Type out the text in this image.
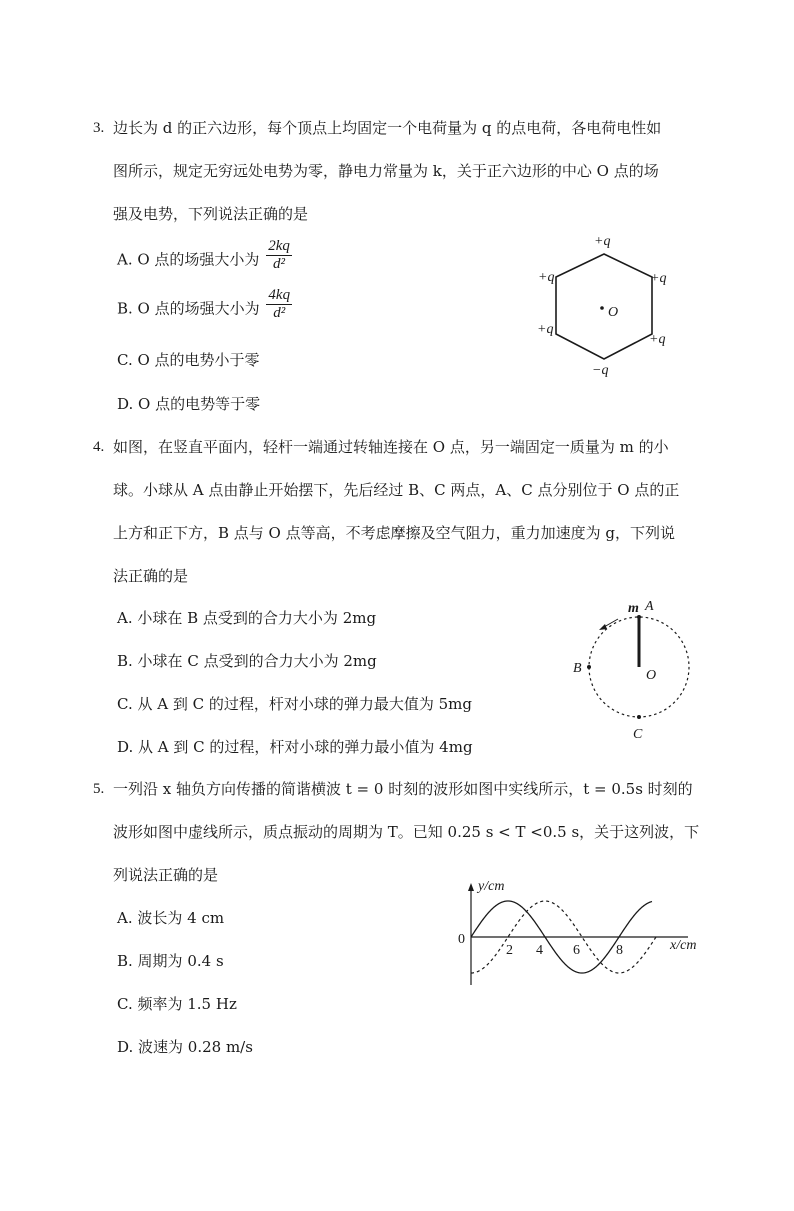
3. 边长为 d 的正六边形，每个顶点上均固定一个电荷量为 q 的点电荷，各电荷电性如
图所示，规定无穷远处电势为零，静电力常量为 k，关于正六边形的中心 O 点的场
强及电势，下列说法正确的是
A. O 点的场强大小为 $\frac{2kq}{\text{d²}}$
B. O 点的场强大小为 $\frac{4kq}{\text{d²}}$
C. O 点的电势小于零
D. O 点的电势等于零
+q
+q	+q
+q
+q
−q
O
4. 如图，在竖直平面内，轻杆一端通过转轴连接在 O 点，另一端固定一质量为 m 的小
球。小球从 A 点由静止开始摆下，先后经过 B、C 两点，A、C 点分别位于 O 点的正
上方和正下方，B 点与 O 点等高，不考虑摩擦及空气阻力，重力加速度为 g，下列说
法正确的是
A. 小球在 B 点受到的合力大小为 2mg
B. 小球在 C 点受到的合力大小为 2mg
C. 从 A 到 C 的过程，杆对小球的弹力最大值为 5mg
D. 从 A 到 C 的过程，杆对小球的弹力最小值为 4mg
m A
B	O
C
5. 一列沿 x 轴负方向传播的简谐横波 t = 0 时刻的波形如图中实线所示，t = 0.5s 时刻的
波形如图中虚线所示，质点振动的周期为 T。已知 0.25 s < T <0.5 s，关于这列波，下
列说法正确的是
A. 波长为 4 cm
B. 周期为 0.4 s
C. 频率为 1.5 Hz
D. 波速为 0.28 m/s
y/cm
0
2 4 6	8	x/cm
